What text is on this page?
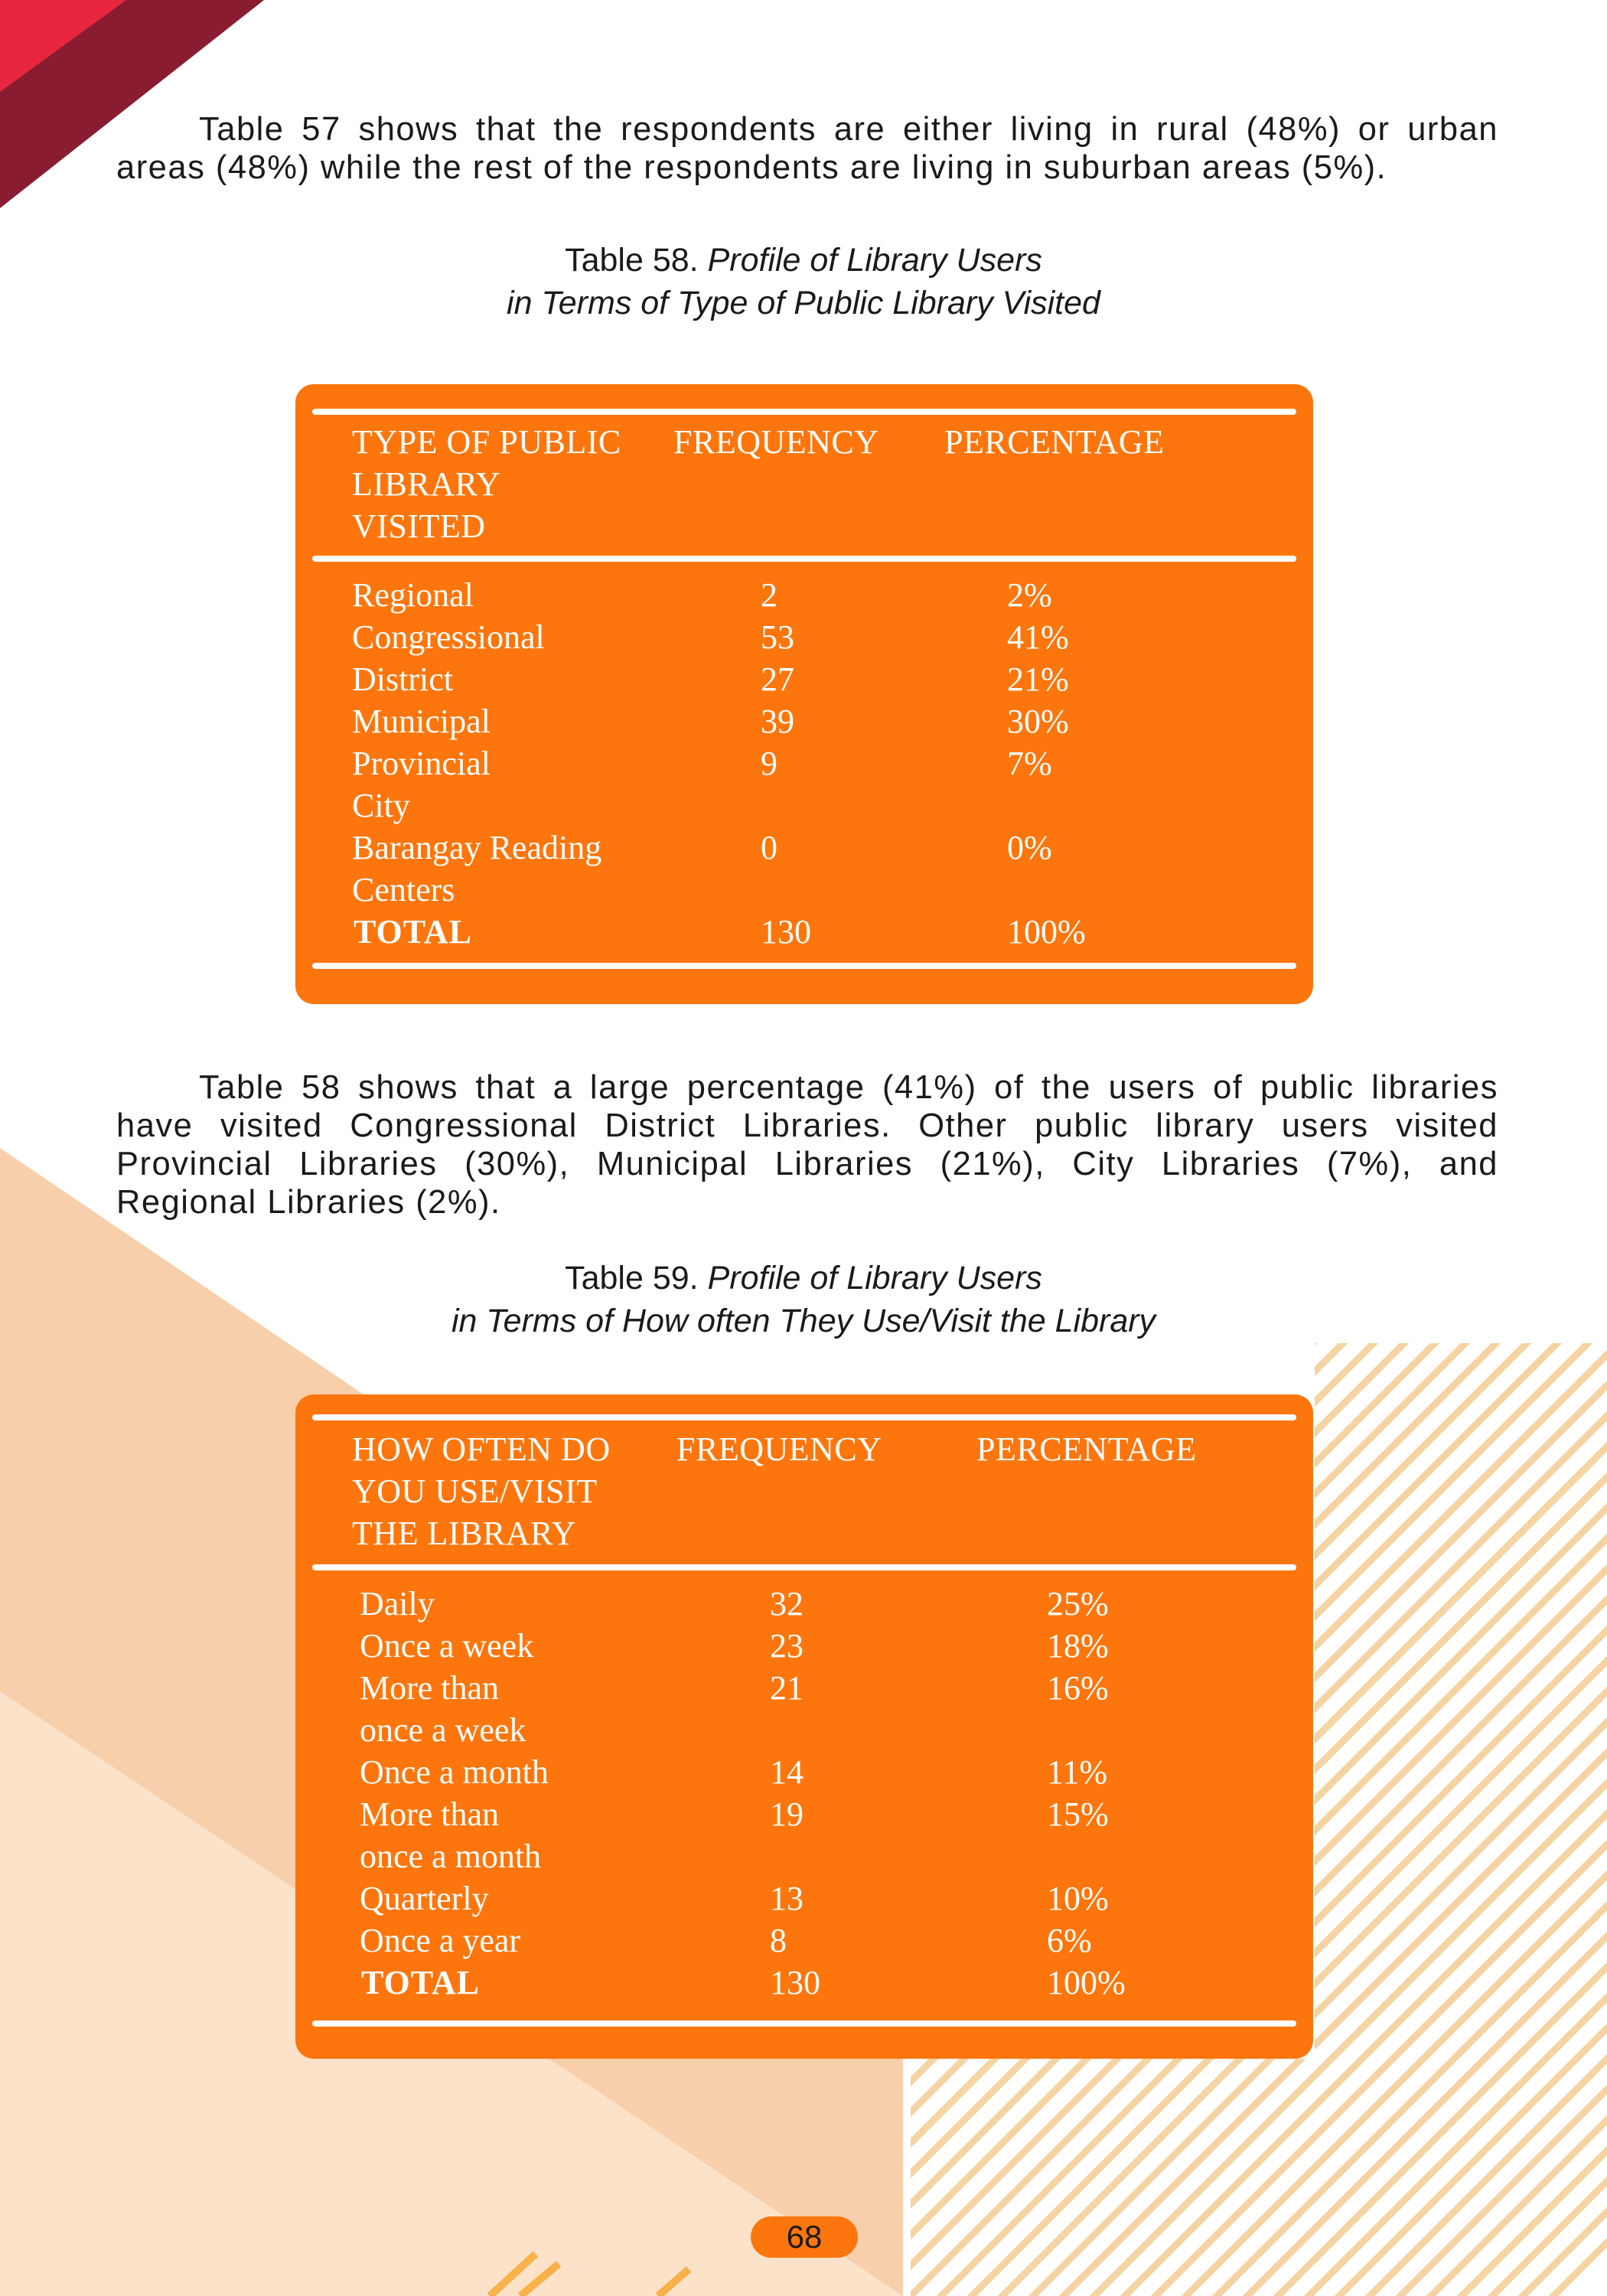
Table 57 shows that the respondents are either living in rural (48%) or urban
areas (48%) while the rest of the respondents are living in suburban areas (5%).
Table 58. Profile of Library Users
in Terms of Type of Public Library Visited
TYPE OF PUBLIC
LIBRARY
VISITED
FREQUENCY PERCENTAGE
Regional	2	2%
Congressional	53	41%
District	27	21%
Municipal	39	30%
Provincial	9	7%
City
Barangay Reading
Centers
0	0%
TOTAL	130	100%
Table 58 shows that a large percentage (41%) of the users of public libraries
have visited Congressional District Libraries. Other public library users visited
Provincial Libraries (30%), Municipal Libraries (21%), City Libraries (7%), and
Regional Libraries (2%).
Table 59. Profile of Library Users
in Terms of How often They Use/Visit the Library
HOW OFTEN DO
YOU USE/VISIT
THE LIBRARY
FREQUENCY	PERCENTAGE
Daily	32	25%
Once a week	23	18%
More than
once a week
21	16%
Once a month	14	11%
More than
once a month
19	15%
Quarterly	13	10%
Once a year	8	6%
TOTAL	130	100%
68
